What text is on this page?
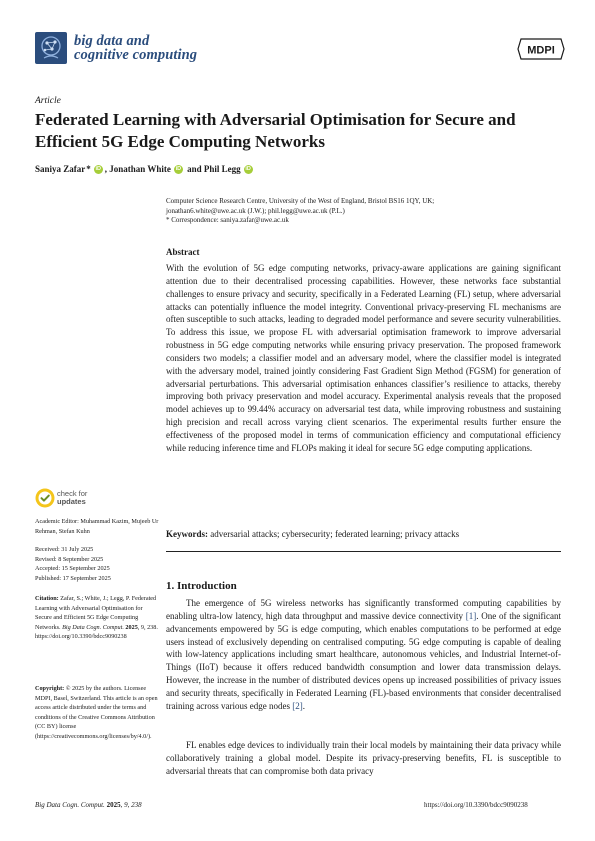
big data and
cognitive computing	MDPI
Article
Federated Learning with Adversarial Optimisation for Secure and Efficient 5G Edge Computing Networks
Saniya Zafar * iD , Jonathan White iD and Phil Legg iD
Computer Science Research Centre, University of the West of England, Bristol BS16 1QY, UK;
jonathan6.white@uwe.ac.uk (J.W.); phil.legg@uwe.ac.uk (P.L.)
* Correspondence: saniya.zafar@uwe.ac.uk
Abstract
With the evolution of 5G edge computing networks, privacy-aware applications are gaining significant attention due to their decentralised processing capabilities. However, these networks face substantial challenges to ensure privacy and security, specifically in a Federated Learning (FL) setup, where adversarial attacks can potentially influence the model integrity. Conventional privacy-preserving FL mechanisms are often susceptible to such attacks, leading to degraded model performance and severe security vulnerabilities. To address this issue, we propose FL with adversarial optimisation framework to improve adversarial robustness in 5G edge computing networks while ensuring privacy preservation. The proposed framework considers two models; a classifier model and an adversary model, where the classifier model is integrated with the adversary model, trained jointly considering Fast Gradient Sign Method (FGSM) for generation of adversarial perturbations. This adversarial optimisation enhances classifier’s resilience to attacks, thereby improving both privacy preservation and model accuracy. Experimental analysis reveals that the proposed model achieves up to 99.44% accuracy on adversarial test data, while improving robustness and sustaining high precision and recall across varying client scenarios. The experimental results further ensure the effectiveness of the proposed model in terms of communication efficiency and computational efficiency while reducing inference time and FLOPs making it ideal for secure 5G edge computing applications.
Keywords: adversarial attacks; cybersecurity; federated learning; privacy attacks
1. Introduction
The emergence of 5G wireless networks has significantly transformed computing capabilities by enabling ultra-low latency, high data throughput and massive device connectivity [1]. One of the significant advancements empowered by 5G is edge computing, which enables computations to be performed at edge users instead of exclusively depending on centralised computing. 5G edge computing is capable of dealing with low-latency applications including smart healthcare, autonomous vehicles, and Industrial Internet-of-Things (IIoT) because it offers reduced bandwidth consumption and lower data transmission delays. However, the increase in the number of distributed devices opens up increased possibilities of privacy issues and security threats, specifically in Federated Learning (FL)-based environments that consider decentralised training across various edge nodes [2].
FL enables edge devices to individually train their local models by maintaining their data privacy while collaboratively training a global model. Despite its privacy-preserving benefits, FL is susceptible to adversarial threats that can compromise both data privacy
check for
updates
Academic Editor: Muhammad Kazim, Mujeeb Ur Rehman, Stefan Kuhn
Received: 31 July 2025
Revised: 8 September 2025
Accepted: 15 September 2025
Published: 17 September 2025
Citation: Zafar, S.; White, J.; Legg, P. Federated Learning with Adversarial Optimisation for Secure and Efficient 5G Edge Computing Networks. Big Data Cogn. Comput. 2025, 9, 238. https://doi.org/10.3390/bdcc9090238
Copyright: © 2025 by the authors. Licensee MDPI, Basel, Switzerland. This article is an open access article distributed under the terms and conditions of the Creative Commons Attribution (CC BY) license (https://creativecommons.org/licenses/by/4.0/).
Big Data Cogn. Comput. 2025, 9, 238	https://doi.org/10.3390/bdcc9090238
